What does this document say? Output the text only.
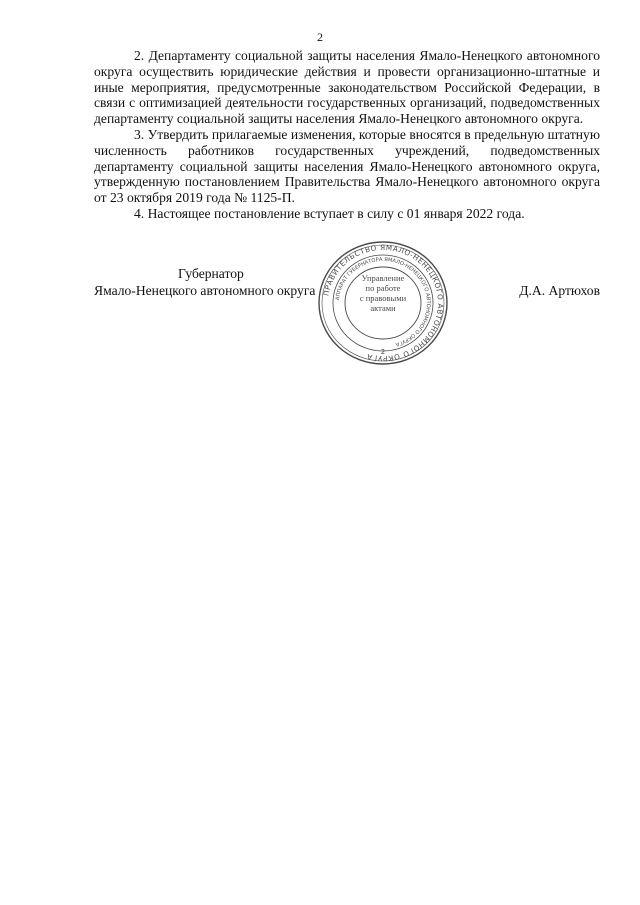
2

2. Департаменту социальной защиты населения Ямало-Ненецкого автономного округа осуществить юридические действия и провести организационно-штатные и иные мероприятия, предусмотренные законодательством Российской Федерации, в связи с оптимизацией деятельности государственных организаций, подведомственных департаменту социальной защиты населения Ямало-Ненецкого автономного округа.

3. Утвердить прилагаемые изменения, которые вносятся в предельную штатную численность работников государственных учреждений, подведомственных департаменту социальной защиты населения Ямало-Ненецкого автономного округа, утвержденную постановлением Правительства Ямало-Ненецкого автономного округа от 23 октября 2019 года № 1125-П.

4. Настоящее постановление вступает в силу с 01 января 2022 года.

Губернатор
Ямало-Ненецкого автономного округа	Д.А. Артюхов
ПРАВИТЕЛЬСТВО ЯМАЛО-НЕНЕЦКОГО АВТОНОМНОГО ОКРУГА
АППАРАТ ГУБЕРНАТОРА ЯМАЛО-НЕНЕЦКОГО АВТОНОМНОГО ОКРУГА
2
Управление
по работе
с правовыми
актами
